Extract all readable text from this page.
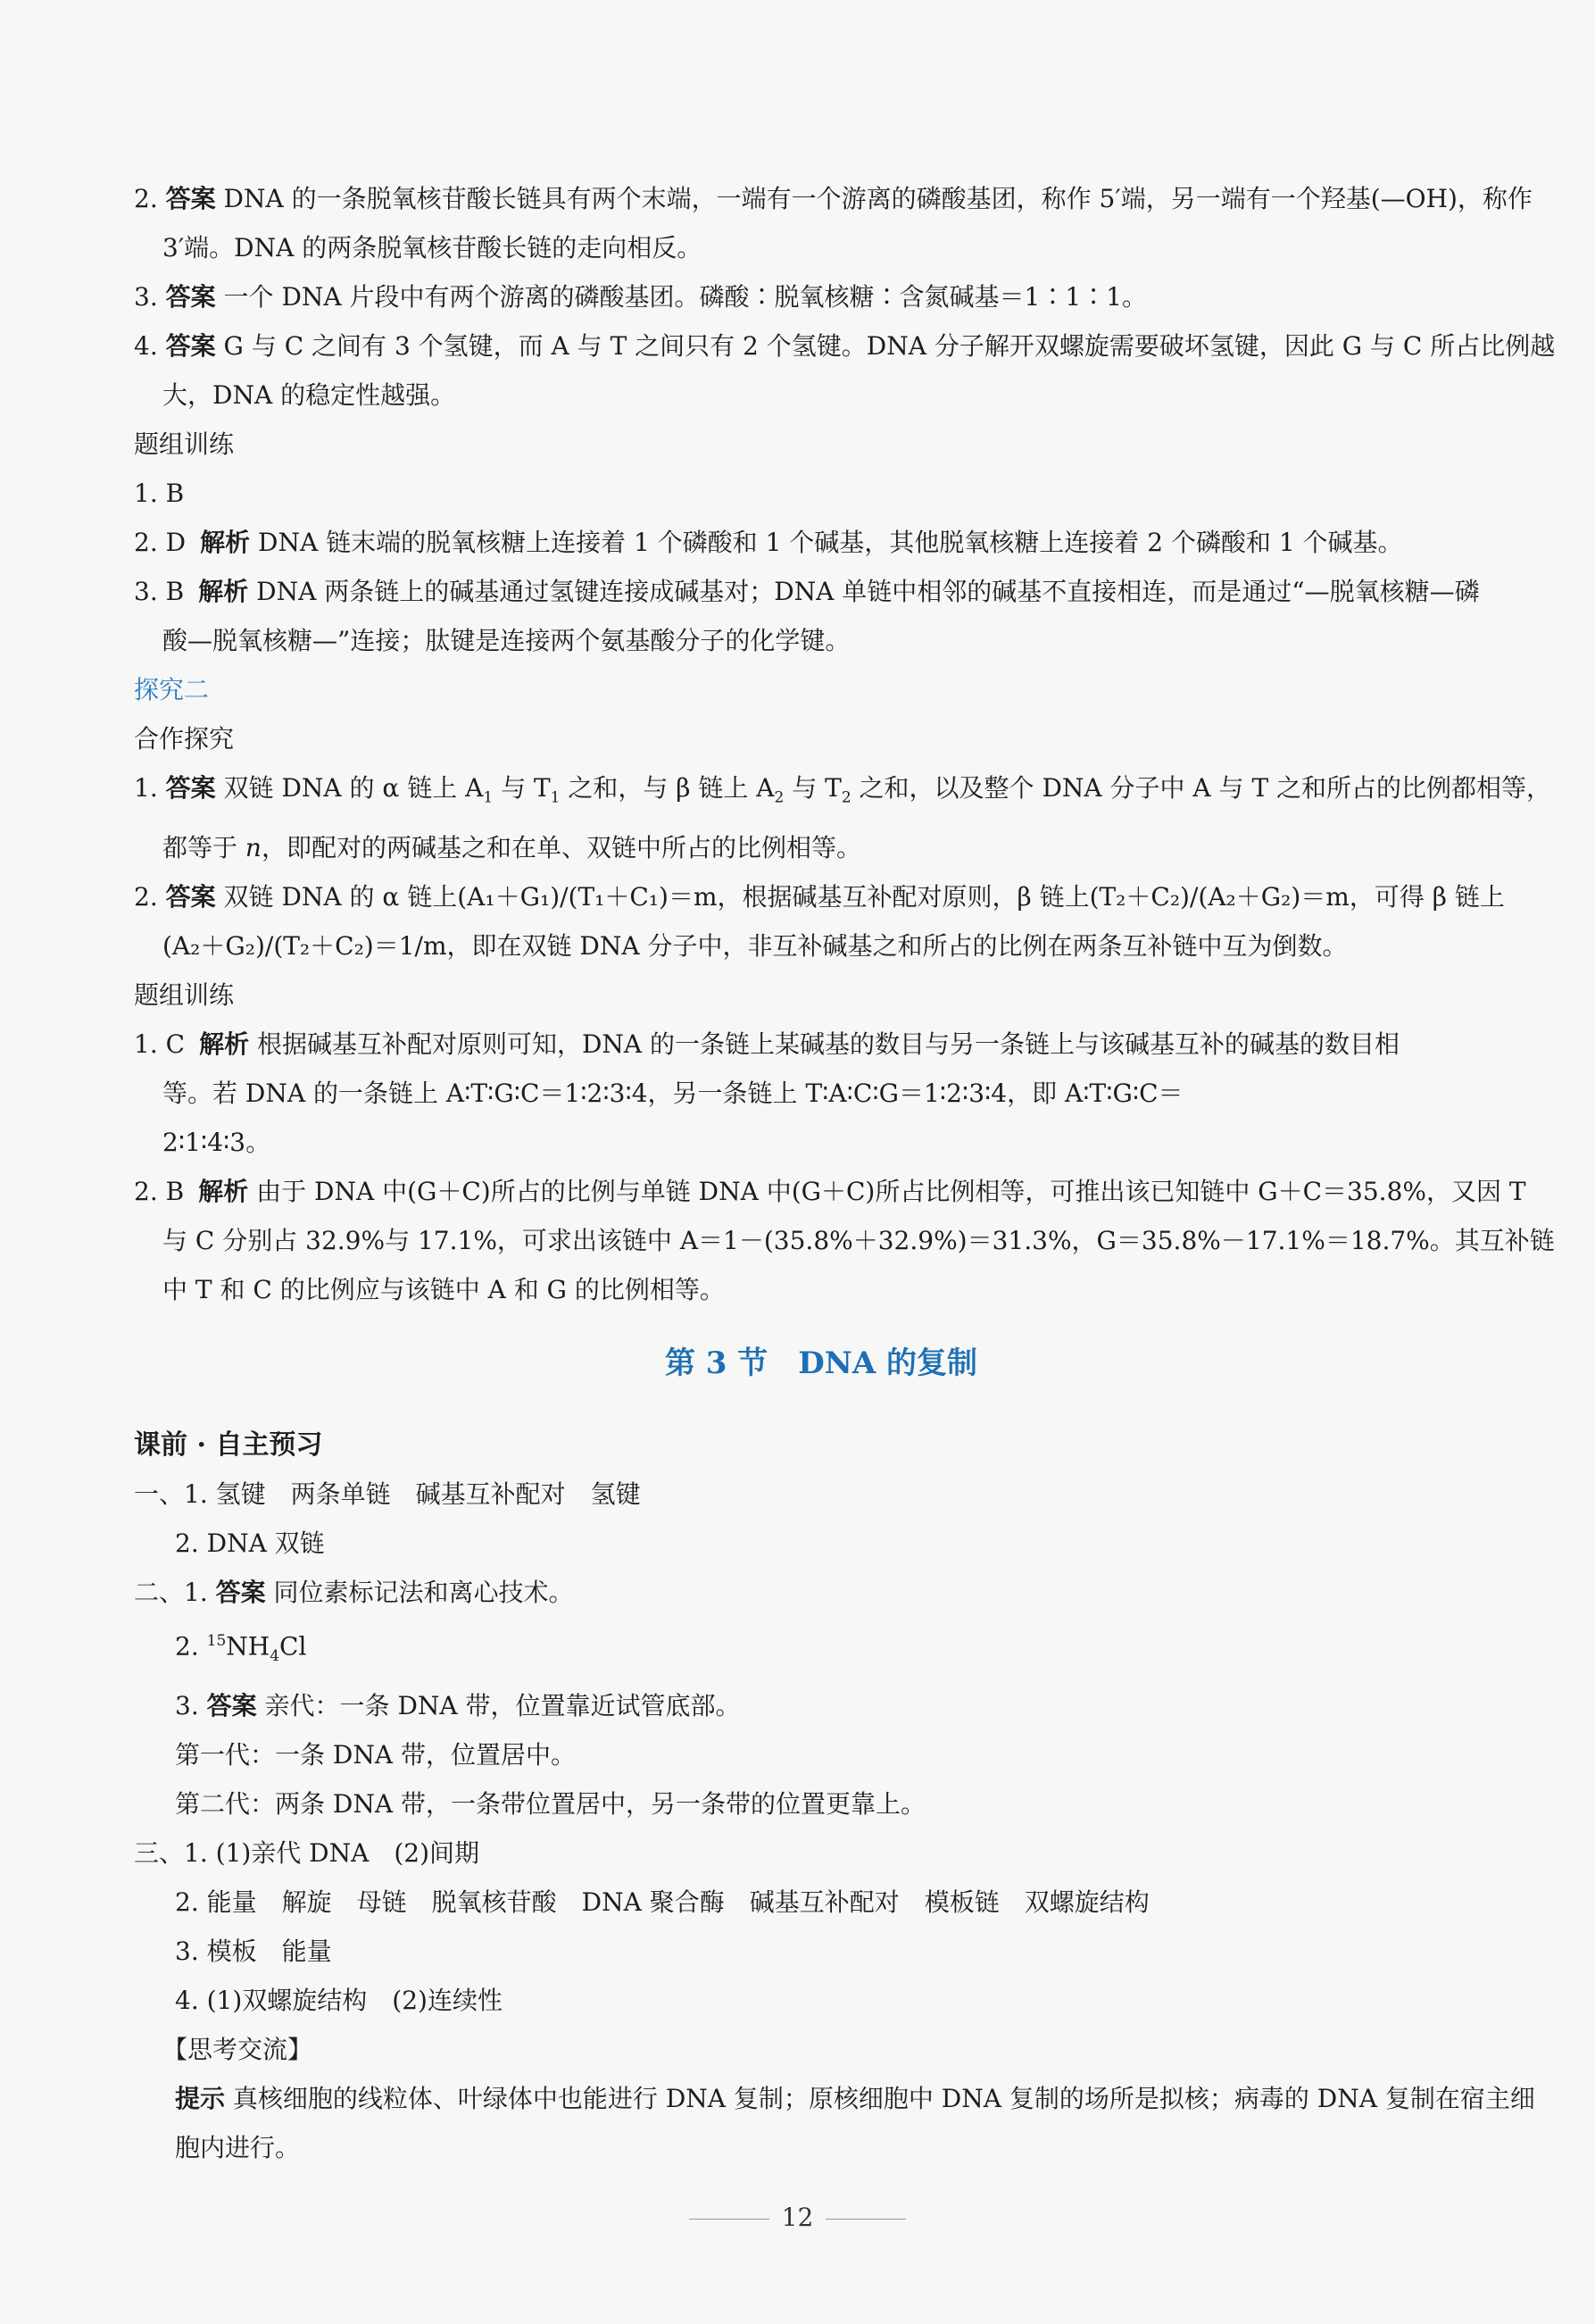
2. 答案 DNA 的一条脱氧核苷酸长链具有两个末端，一端有一个游离的磷酸基团，称作 5′端，另一端有一个羟基(—OH)，称作
3′端。DNA 的两条脱氧核苷酸长链的走向相反。
3. 答案 一个 DNA 片段中有两个游离的磷酸基团。磷酸∶脱氧核糖∶含氮碱基＝1∶1∶1。
4. 答案 G 与 C 之间有 3 个氢键，而 A 与 T 之间只有 2 个氢键。DNA 分子解开双螺旋需要破坏氢键，因此 G 与 C 所占比例越
大，DNA 的稳定性越强。
题组训练
1. B
2. D 解析 DNA 链末端的脱氧核糖上连接着 1 个磷酸和 1 个碱基，其他脱氧核糖上连接着 2 个磷酸和 1 个碱基。
3. B 解析 DNA 两条链上的碱基通过氢键连接成碱基对；DNA 单链中相邻的碱基不直接相连，而是通过“—脱氧核糖—磷
酸—脱氧核糖—”连接；肽键是连接两个氨基酸分子的化学键。
探究二
合作探究
1. 答案 双链 DNA 的 α 链上 $A_1$ 与 $T_1$ 之和，与 β 链上 $A_2$ 与 $T_2$ 之和，以及整个 DNA 分子中 A 与 T 之和所占的比例都相等，
都等于 n，即配对的两碱基之和在单、双链中所占的比例相等。
2. 答案 双链 DNA 的 α 链上(A₁＋G₁)/(T₁＋C₁)＝m，根据碱基互补配对原则，β 链上(T₂＋C₂)/(A₂＋G₂)＝m，可得 β 链上
(A₂＋G₂)/(T₂＋C₂)＝1/m，即在双链 DNA 分子中，非互补碱基之和所占的比例在两条互补链中互为倒数。
题组训练
1. C 解析 根据碱基互补配对原则可知，DNA 的一条链上某碱基的数目与另一条链上与该碱基互补的碱基的数目相
等。若 DNA 的一条链上 A∶T∶G∶C＝1∶2∶3∶4，另一条链上 T∶A∶C∶G＝1∶2∶3∶4，即 A∶T∶G∶C＝
2∶1∶4∶3。
2. B 解析 由于 DNA 中(G＋C)所占的比例与单链 DNA 中(G＋C)所占比例相等，可推出该已知链中 G＋C＝35.8%，又因 T
与 C 分别占 32.9%与 17.1%，可求出该链中 A＝1－(35.8%＋32.9%)＝31.3%，G＝35.8%－17.1%＝18.7%。其互补链
中 T 和 C 的比例应与该链中 A 和 G 的比例相等。
第 3 节　DNA 的复制
课前 · 自主预习
一、1. 氢键　两条单链　碱基互补配对　氢键
2. DNA 双链
二、1. 答案 同位素标记法和离心技术。
2. $^{15}NH_4Cl$
3. 答案 亲代：一条 DNA 带，位置靠近试管底部。
第一代：一条 DNA 带，位置居中。
第二代：两条 DNA 带，一条带位置居中，另一条带的位置更靠上。
三、1. (1)亲代 DNA　(2)间期
2. 能量　解旋　母链　脱氧核苷酸　DNA 聚合酶　碱基互补配对　模板链　双螺旋结构
3. 模板　能量
4. (1)双螺旋结构　(2)连续性
【思考交流】
提示 真核细胞的线粒体、叶绿体中也能进行 DNA 复制；原核细胞中 DNA 复制的场所是拟核；病毒的 DNA 复制在宿主细
胞内进行。
12
